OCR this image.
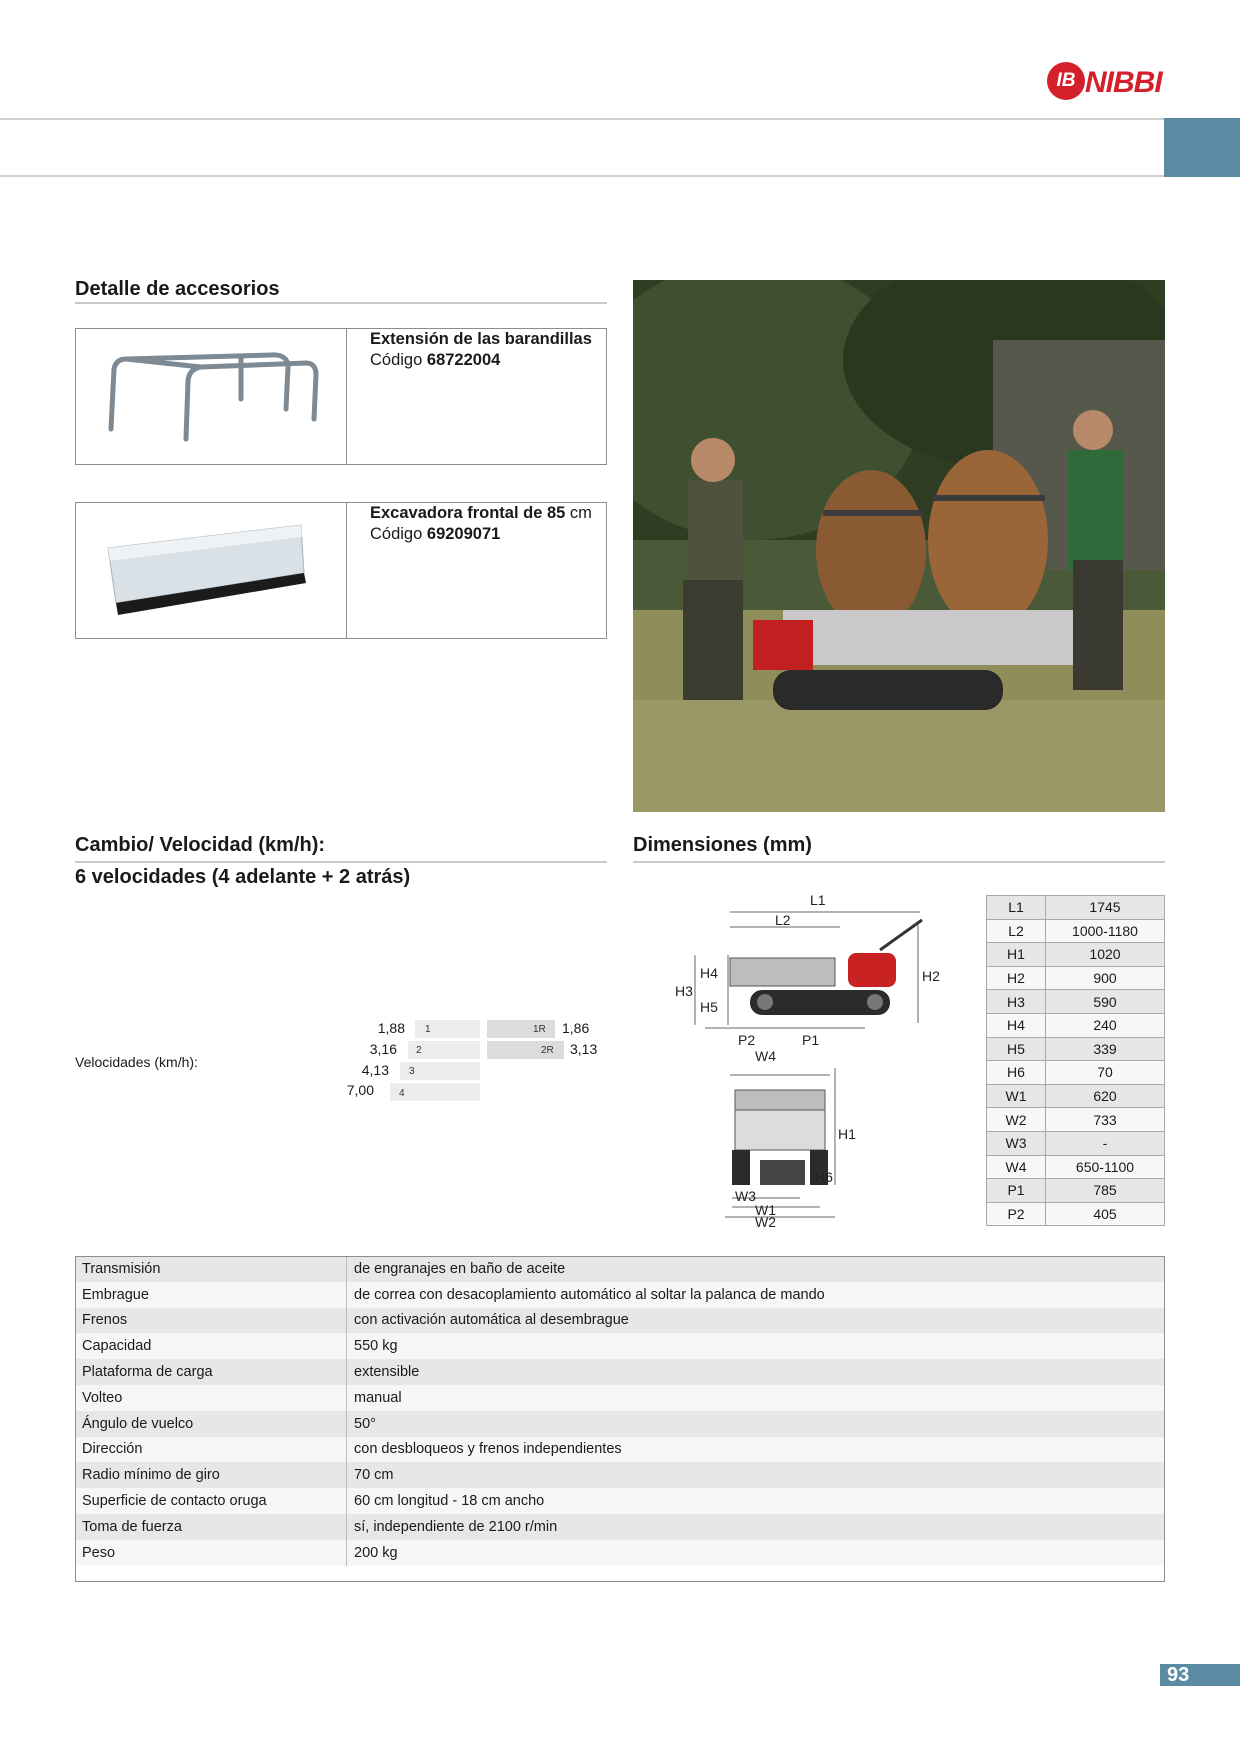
IB NIBBI
Detalle de accesorios
Extensión de las barandillas
Código 68722004
Excavadora frontal de 85 cm
Código 69209071
Cambio/ Velocidad (km/h):
6 velocidades (4 adelante + 2 atrás)
Velocidades (km/h):
1,88 1
3,16 2
4,13 3
7,00	4
1R 1,86
2R 3,13
Dimensiones (mm)
L1
L2
H4
H3
H5
H2
P2	P1
W4
H1
H6
W3
W1
W2
L1	1745
L2	1000-1180
H1	1020
H2	900
H3	590
H4	240
H5	339
H6	70
W1	620
W2	733
W3	-
W4	650-1100
P1	785
P2	405
Transmisión	de engranajes en baño de aceite
Embrague	de correa con desacoplamiento automático al soltar la palanca de mando
Frenos	con activación automática al desembrague
Capacidad	550 kg
Plataforma de carga	extensible
Volteo	manual
Ángulo de vuelco	50°
Dirección	con desbloqueos y frenos independientes
Radio mínimo de giro	70 cm
Superficie de contacto oruga	60 cm longitud - 18 cm ancho
Toma de fuerza	sí, independiente de 2100 r/min
Peso	200 kg
93
